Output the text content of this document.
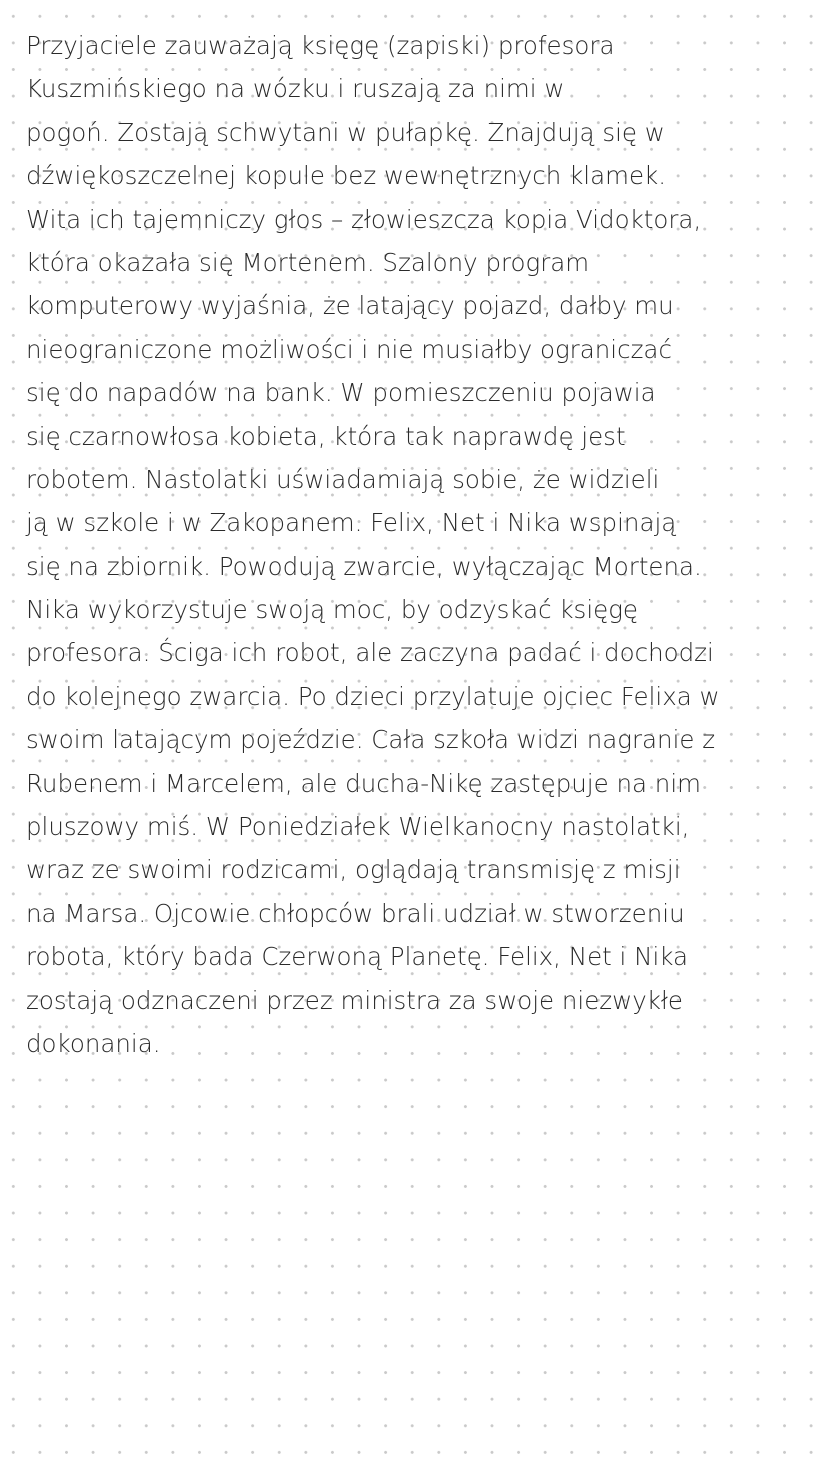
Przyjaciele zauważają księgę (zapiski) profesora
Kuszmińskiego na wózku i ruszają za nimi w
pogoń. Zostają schwytani w pułapkę. Znajdują się w
dźwiękoszczelnej kopule bez wewnętrznych klamek.
Wita ich tajemniczy głos – złowieszcza kopia Vidoktora,
która okazała się Mortenem. Szalony program
komputerowy wyjaśnia, że latający pojazd, dałby mu
nieograniczone możliwości i nie musiałby ograniczać
się do napadów na bank. W pomieszczeniu pojawia
się czarnowłosa kobieta, która tak naprawdę jest
robotem. Nastolatki uświadamiają sobie, że widzieli
ją w szkole i w Zakopanem. Felix, Net i Nika wspinają
się na zbiornik. Powodują zwarcie, wyłączając Mortena.
Nika wykorzystuje swoją moc, by odzyskać księgę
profesora. Ściga ich robot, ale zaczyna padać i dochodzi
do kolejnego zwarcia. Po dzieci przylatuje ojciec Felixa w
swoim latającym pojeździe. Cała szkoła widzi nagranie z
Rubenem i Marcelem, ale ducha-Nikę zastępuje na nim
pluszowy miś. W Poniedziałek Wielkanocny nastolatki,
wraz ze swoimi rodzicami, oglądają transmisję z misji
na Marsa. Ojcowie chłopców brali udział w stworzeniu
robota, który bada Czerwoną Planetę. Felix, Net i Nika
zostają odznaczeni przez ministra za swoje niezwykłe
dokonania.
